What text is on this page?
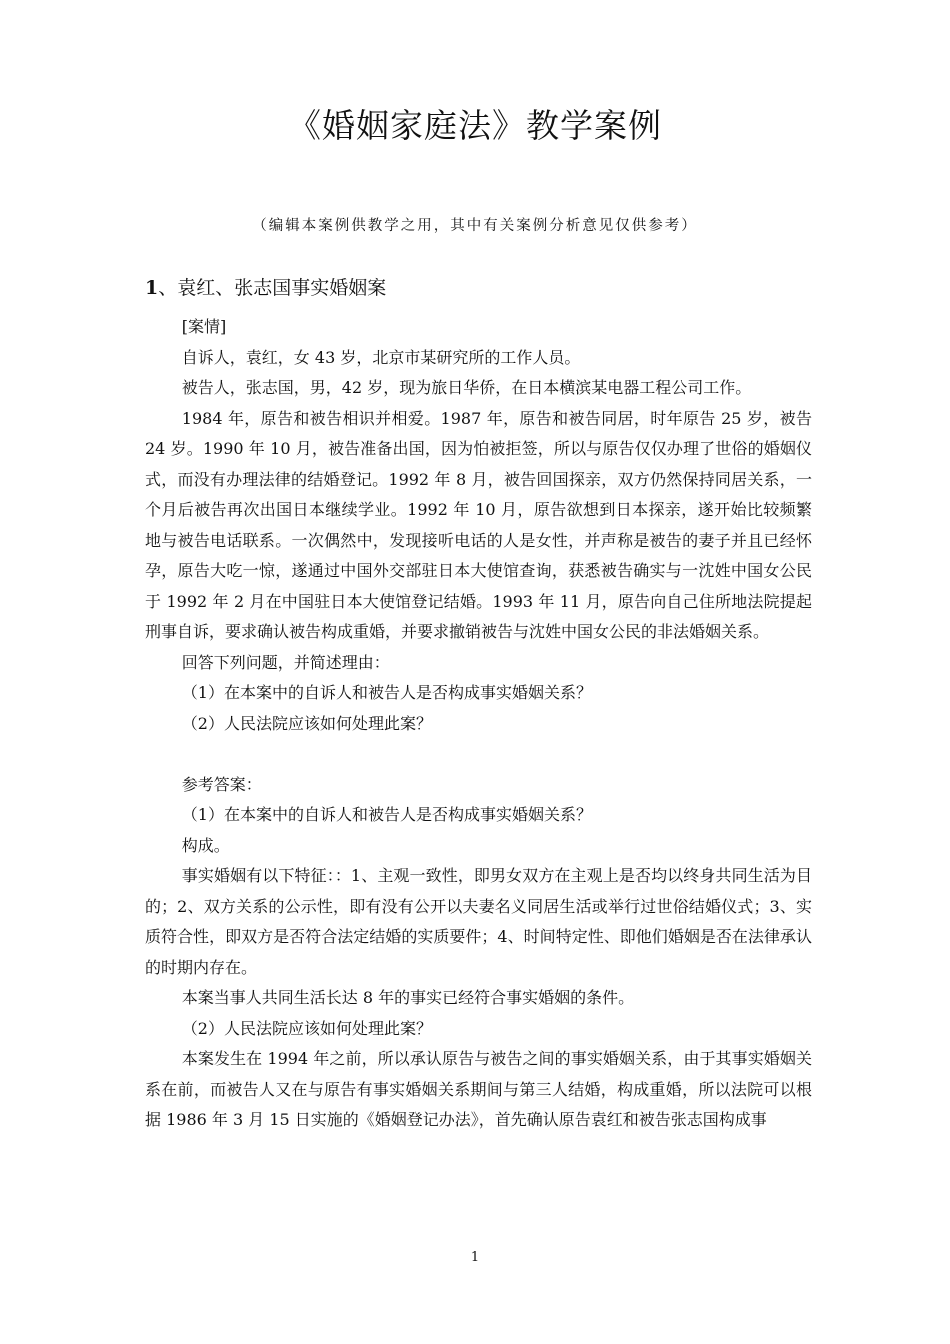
《婚姻家庭法》教学案例
（编辑本案例供教学之用，其中有关案例分析意见仅供参考）
1、袁红、张志国事实婚姻案

[案情]

自诉人，袁红，女 43 岁，北京市某研究所的工作人员。

被告人，张志国，男，42 岁，现为旅日华侨，在日本横滨某电器工程公司工作。

1984 年，原告和被告相识并相爱。1987 年，原告和被告同居，时年原告 25 岁，被告 24 岁。1990 年 10 月，被告准备出国，因为怕被拒签，所以与原告仅仅办理了世俗的婚姻仪式，而没有办理法律的结婚登记。1992 年 8 月，被告回国探亲，双方仍然保持同居关系，一个月后被告再次出国日本继续学业。1992 年 10 月，原告欲想到日本探亲，遂开始比较频繁地与被告电话联系。一次偶然中，发现接听电话的人是女性，并声称是被告的妻子并且已经怀孕，原告大吃一惊，遂通过中国外交部驻日本大使馆查询，获悉被告确实与一沈姓中国女公民于 1992 年 2 月在中国驻日本大使馆登记结婚。1993 年 11 月，原告向自己住所地法院提起刑事自诉，要求确认被告构成重婚，并要求撤销被告与沈姓中国女公民的非法婚姻关系。

回答下列问题，并简述理由：

（1）在本案中的自诉人和被告人是否构成事实婚姻关系？

（2）人民法院应该如何处理此案？

参考答案：

（1）在本案中的自诉人和被告人是否构成事实婚姻关系？

构成。

事实婚姻有以下特征：：1、主观一致性，即男女双方在主观上是否均以终身共同生活为目的；2、双方关系的公示性，即有没有公开以夫妻名义同居生活或举行过世俗结婚仪式；3、实质符合性，即双方是否符合法定结婚的实质要件；4、时间特定性、即他们婚姻是否在法律承认的时期内存在。

本案当事人共同生活长达 8 年的事实已经符合事实婚姻的条件。

（2）人民法院应该如何处理此案？

本案发生在 1994 年之前，所以承认原告与被告之间的事实婚姻关系，由于其事实婚姻关系在前，而被告人又在与原告有事实婚姻关系期间与第三人结婚，构成重婚，所以法院可以根据 1986 年 3 月 15 日实施的《婚姻登记办法》，首先确认原告袁红和被告张志国构成事

1
